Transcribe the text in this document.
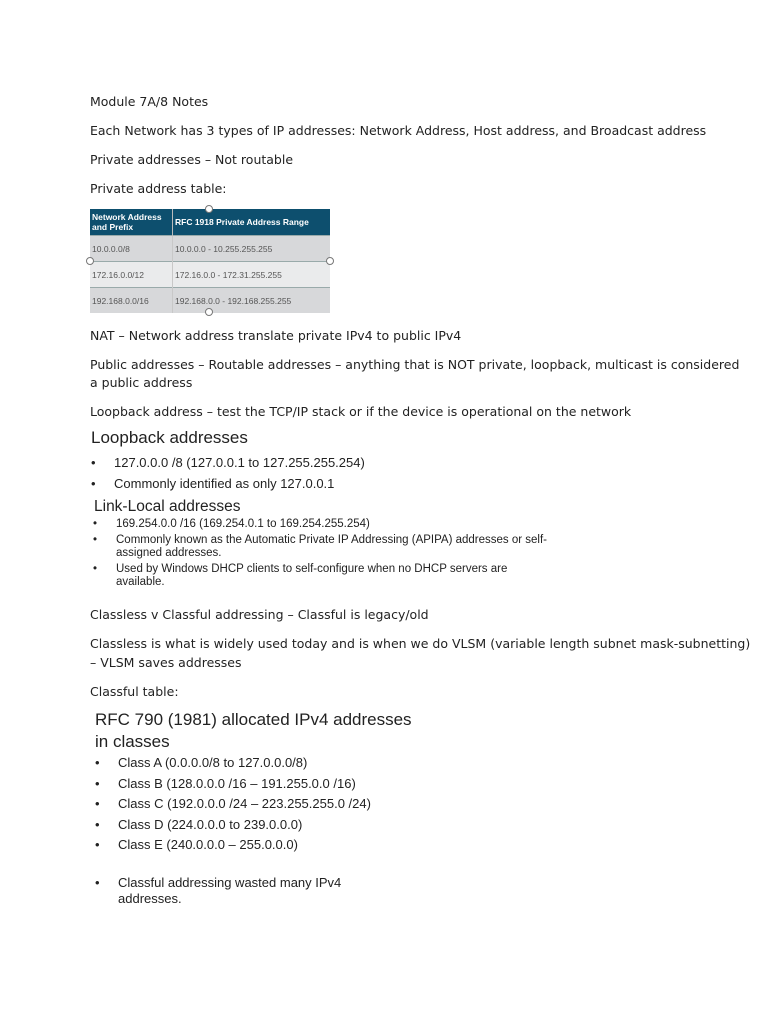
Module 7A/8 Notes
Each Network has 3 types of IP addresses: Network Address, Host address, and Broadcast address
Private addresses – Not routable
Private address table:
Network Address and Prefix	RFC 1918 Private Address Range
10.0.0.0/8	10.0.0.0 - 10.255.255.255
172.16.0.0/12	172.16.0.0 - 172.31.255.255
192.168.0.0/16	192.168.0.0 - 192.168.255.255
NAT – Network address translate private IPv4 to public IPv4
Public addresses – Routable addresses – anything that is NOT private, loopback, multicast is considered
a public address
Loopback address – test the TCP/IP stack or if the device is operational on the network
Loopback addresses
• 127.0.0.0 /8 (127.0.0.1 to 127.255.255.254)
• Commonly identified as only 127.0.0.1
Link-Local addresses
• 169.254.0.0 /16 (169.254.0.1 to 169.254.255.254)
• Commonly known as the Automatic Private IP Addressing (APIPA) addresses or self-
assigned addresses.
• Used by Windows DHCP clients to self-configure when no DHCP servers are
available.
Classless v Classful addressing – Classful is legacy/old
Classless is what is widely used today and is when we do VLSM (variable length subnet mask-subnetting)
– VLSM saves addresses
Classful table:
RFC 790 (1981) allocated IPv4 addresses
in classes
• Class A (0.0.0.0/8 to 127.0.0.0/8)
• Class B (128.0.0.0 /16 – 191.255.0.0 /16)
• Class C (192.0.0.0 /24 – 223.255.255.0 /24)
• Class D (224.0.0.0 to 239.0.0.0)
• Class E (240.0.0.0 – 255.0.0.0)
• Classful addressing wasted many IPv4
addresses.
